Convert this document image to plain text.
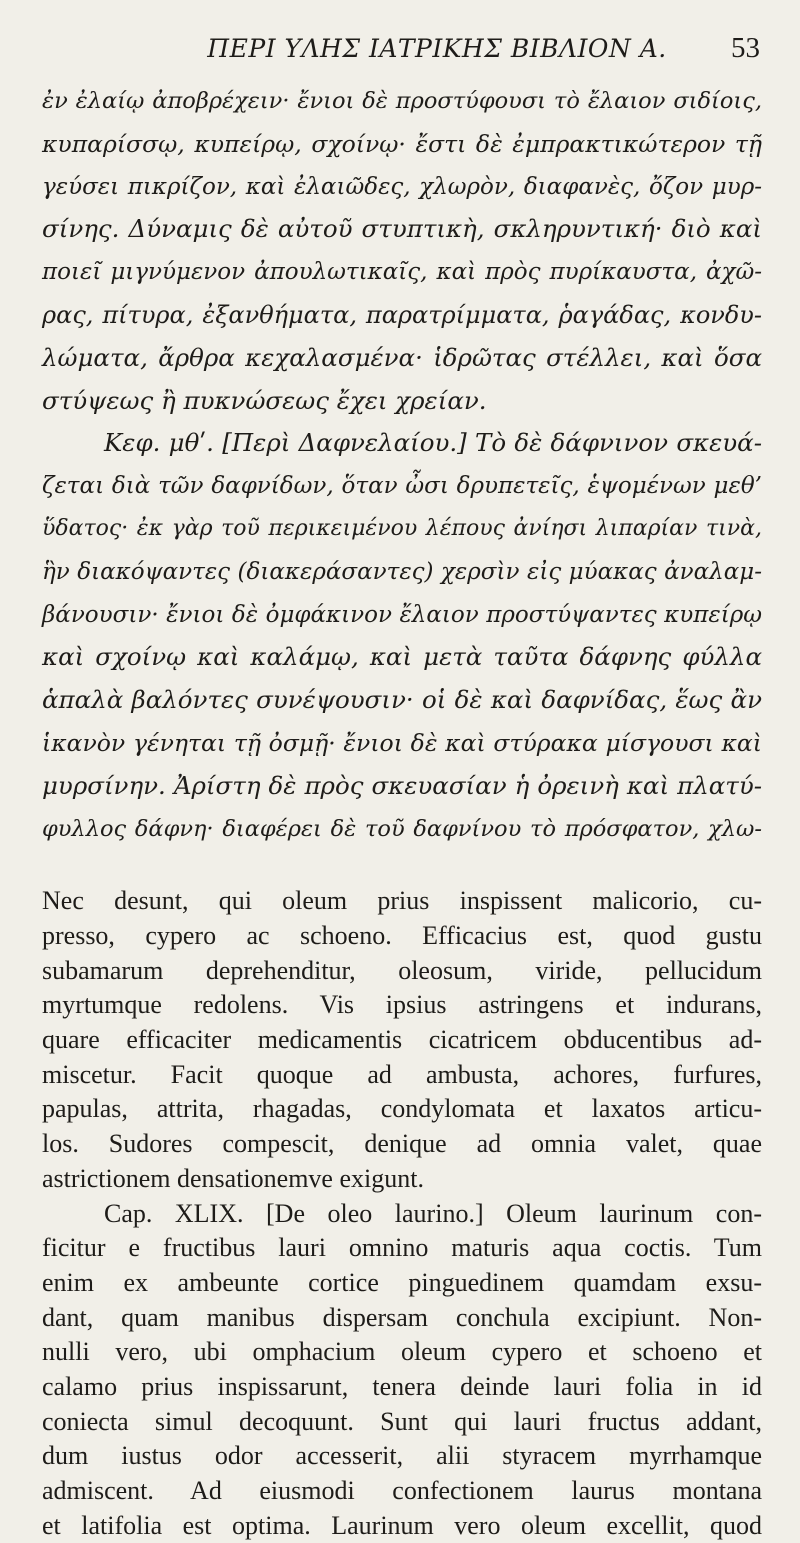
ΠΕΡΙ ΥΛΗΣ ΙΑΤΡΙΚΗΣ ΒΙΒΛΙΟΝ Α.	53
ἐν ἐλαίῳ ἀποβρέχειν· ἔνιοι δὲ προστύφουσι τὸ ἔλαιον σιδίοις,
κυπαρίσσῳ, κυπείρῳ, σχοίνῳ· ἔστι δὲ ἐμπρακτικώτερον τῇ
γεύσει πικρίζον, καὶ ἐλαιῶδες, χλωρὸν, διαφανὲς, ὄζον μυρ-
σίνης. Δύναμις δὲ αὐτοῦ στυπτικὴ, σκληρυντική· διὸ καὶ
ποιεῖ μιγνύμενον ἀπουλωτικαῖς, καὶ πρὸς πυρίκαυστα, ἀχῶ-
ρας, πίτυρα, ἐξανθήματα, παρατρίμματα, ῥαγάδας, κονδυ-
λώματα, ἄρθρα κεχαλασμένα· ἱδρῶτας στέλλει, καὶ ὅσα
στύψεως ἢ πυκνώσεως ἔχει χρείαν.
Κεφ. μθʹ. [Περὶ Δαφνελαίου.] Τὸ δὲ δάφνινον σκευά-
ζεται διὰ τῶν δαφνίδων, ὅταν ὦσι δρυπετεῖς, ἑψομένων μεθ’
ὕδατος· ἐκ γὰρ τοῦ περικειμένου λέπους ἀνίησι λιπαρίαν τινὰ,
ἣν διακόψαντες (διακεράσαντες) χερσὶν εἰς μύακας ἀναλαμ-
βάνουσιν· ἔνιοι δὲ ὀμφάκινον ἔλαιον προστύψαντες κυπείρῳ
καὶ σχοίνῳ καὶ καλάμῳ, καὶ μετὰ ταῦτα δάφνης φύλλα
ἁπαλὰ βαλόντες συνέψουσιν· οἱ δὲ καὶ δαφνίδας, ἕως ἂν
ἱκανὸν γένηται τῇ ὀσμῇ· ἔνιοι δὲ καὶ στύρακα μίσγουσι καὶ
μυρσίνην. Ἀρίστη δὲ πρὸς σκευασίαν ἡ ὀρεινὴ καὶ πλατύ-
φυλλος δάφνη· διαφέρει δὲ τοῦ δαφνίνου τὸ πρόσφατον, χλω-
Nec desunt, qui oleum prius inspissent malicorio, cu-
presso, cypero ac schoeno. Efficacius est, quod gustu
subamarum deprehenditur, oleosum, viride, pellucidum
myrtumque redolens. Vis ipsius astringens et indurans,
quare efficaciter medicamentis cicatricem obducentibus ad-
miscetur. Facit quoque ad ambusta, achores, furfures,
papulas, attrita, rhagadas, condylomata et laxatos articu-
los. Sudores compescit, denique ad omnia valet, quae
astrictionem densationemve exigunt.
Cap. XLIX. [De oleo laurino.] Oleum laurinum con-
ficitur e fructibus lauri omnino maturis aqua coctis. Tum
enim ex ambeunte cortice pinguedinem quamdam exsu-
dant, quam manibus dispersam conchula excipiunt. Non-
nulli vero, ubi omphacium oleum cypero et schoeno et
calamo prius inspissarunt, tenera deinde lauri folia in id
coniecta simul decoquunt. Sunt qui lauri fructus addant,
dum iustus odor accesserit, alii styracem myrrhamque
admiscent. Ad eiusmodi confectionem laurus montana
et latifolia est optima. Laurinum vero oleum excellit, quod
